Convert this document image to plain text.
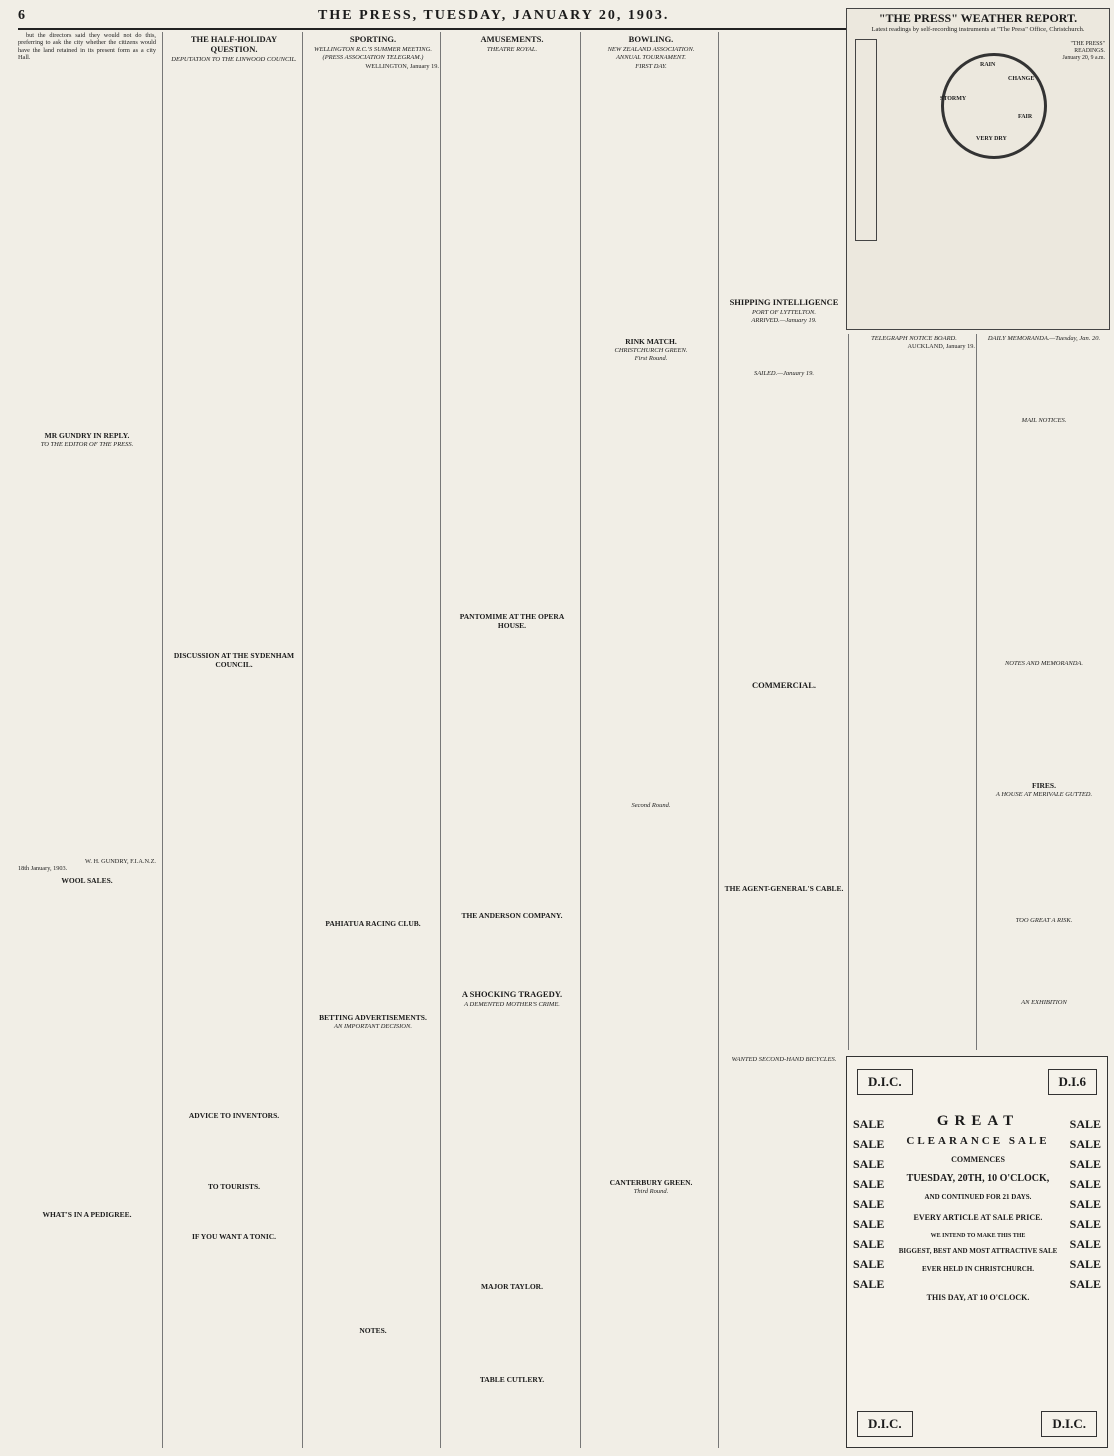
6	THE PRESS, TUESDAY, JANUARY 20, 1903.

but the directors said they would not do this, preferring to ask the city whether the citizens would have the land retained in its present form as a city Hall.

MR GUNDRY IN REPLY.
TO THE EDITOR OF THE PRESS.
W. H. GUNDRY, F.I.A.N.Z.
18th January, 1903.
WOOL SALES.
WHAT'S IN A PEDIGREE.
THE HALF-HOLIDAY QUESTION.
DEPUTATION TO THE LINWOOD COUNCIL.
DISCUSSION AT THE SYDENHAM COUNCIL.
ADVICE TO INVENTORS.
TO TOURISTS.
IF YOU WANT A TONIC.
SPORTING.
WELLINGTON R.C.'S SUMMER MEETING.
(PRESS ASSOCIATION TELEGRAM.)
WELLINGTON, January 19.
PAHIATUA RACING CLUB.
BETTING ADVERTISEMENTS.
AN IMPORTANT DECISION.
NOTES.
AMUSEMENTS.
THEATRE ROYAL.
PANTOMIME AT THE OPERA HOUSE.
THE ANDERSON COMPANY.
A SHOCKING TRAGEDY.
A DEMENTED MOTHER'S CRIME.
MAJOR TAYLOR.
TABLE CUTLERY.
BOWLING.
NEW ZEALAND ASSOCIATION.
ANNUAL TOURNAMENT.
FIRST DAY.
RINK MATCH.
CHRISTCHURCH GREEN.
First Round.
Second Round.
CANTERBURY GREEN.
Third Round.
SHIPPING INTELLIGENCE
PORT OF LYTTELTON.
ARRIVED.—January 19.
SAILED.—January 19.
COMMERCIAL.
THE AGENT-GENERAL'S CABLE.
WANTED SECOND-HAND BICYCLES.
TELEGRAPH NOTICE BOARD.
AUCKLAND, January 19.
DAILY MEMORANDA.—Tuesday, Jan. 20.
MAIL NOTICES.
NOTES AND MEMORANDA.
FIRES.
A HOUSE AT MERIVALE GUTTED.
TOO GREAT A RISK.
AN EXHIBITION
"THE PRESS" WEATHER REPORT.
Latest readings by self-recording instruments at "The Press" Office, Christchurch.
RAIN
STORMY
CHANGE
FAIR
VERY DRY
"THE PRESS" READINGS.
January 20, 9 a.m.
D.I.C.	D.I.6
D.I.C.	D.I.C.
SALE
SALE
SALE
SALE
SALE
SALE
SALE
SALE
SALE
SALE
SALE
SALE
SALE
SALE
SALE
SALE
SALE
SALE
GREAT
CLEARANCE SALE
COMMENCES
TUESDAY, 20TH, 10 O'CLOCK,
AND CONTINUED FOR 21 DAYS.
EVERY ARTICLE AT SALE PRICE.
WE INTEND TO MAKE THIS THE
BIGGEST, BEST AND MOST ATTRACTIVE SALE
EVER HELD IN CHRISTCHURCH.
THIS DAY, AT 10 O'CLOCK.
